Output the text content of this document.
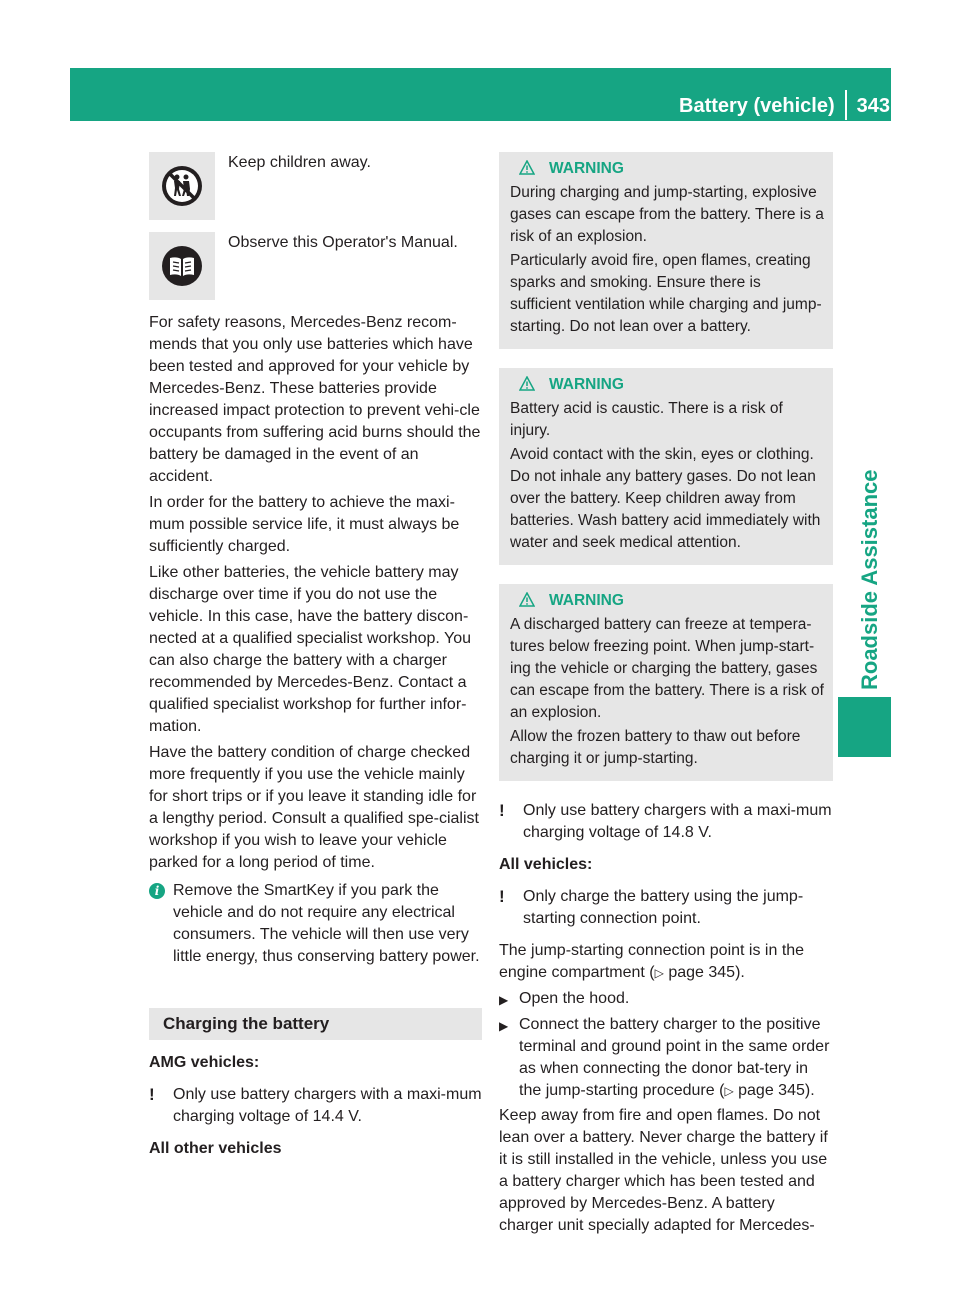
Battery (vehicle) 343
Roadside Assistance
Keep children away.
Observe this Operator's Manual.

For safety reasons, Mercedes-Benz recom-mends that you only use batteries which have been tested and approved for your vehicle by Mercedes-Benz. These batteries provide increased impact protection to prevent vehi-cle occupants from suffering acid burns should the battery be damaged in the event of an accident.

In order for the battery to achieve the maxi-mum possible service life, it must always be sufficiently charged.

Like other batteries, the vehicle battery may discharge over time if you do not use the vehicle. In this case, have the battery discon-nected at a qualified specialist workshop. You can also charge the battery with a charger recommended by Mercedes-Benz. Contact a qualified specialist workshop for further infor-mation.

Have the battery condition of charge checked more frequently if you use the vehicle mainly for short trips or if you leave it standing idle for a lengthy period. Consult a qualified spe-cialist workshop if you wish to leave your vehicle parked for a long period of time.

i Remove the SmartKey if you park the vehicle and do not require any electrical consumers. The vehicle will then use very little energy, thus conserving battery power.
Charging the battery

AMG vehicles:

!	Only use battery chargers with a maxi-mum charging voltage of 14.4 V.

All other vehicles

WARNING

During charging and jump-starting, explosive gases can escape from the battery. There is a risk of an explosion.

Particularly avoid fire, open flames, creating sparks and smoking. Ensure there is sufficient ventilation while charging and jump-starting. Do not lean over a battery.

WARNING

Battery acid is caustic. There is a risk of injury.

Avoid contact with the skin, eyes or clothing. Do not inhale any battery gases. Do not lean over the battery. Keep children away from batteries. Wash battery acid immediately with water and seek medical attention.

WARNING

A discharged battery can freeze at tempera-tures below freezing point. When jump-start-ing the vehicle or charging the battery, gases can escape from the battery. There is a risk of an explosion.

Allow the frozen battery to thaw out before charging it or jump-starting.

!	Only use battery chargers with a maxi-mum charging voltage of 14.8 V.

All vehicles:

!	Only charge the battery using the jump-starting connection point.

The jump-starting connection point is in the engine compartment (▷ page 345).

▶ Open the hood.
▶ Connect the battery charger to the positive terminal and ground point in the same order as when connecting the donor bat-tery in the jump-starting procedure (▷ page 345).

Keep away from fire and open flames. Do not lean over a battery. Never charge the battery if it is still installed in the vehicle, unless you use a battery charger which has been tested and approved by Mercedes-Benz. A battery charger unit specially adapted for Mercedes-
